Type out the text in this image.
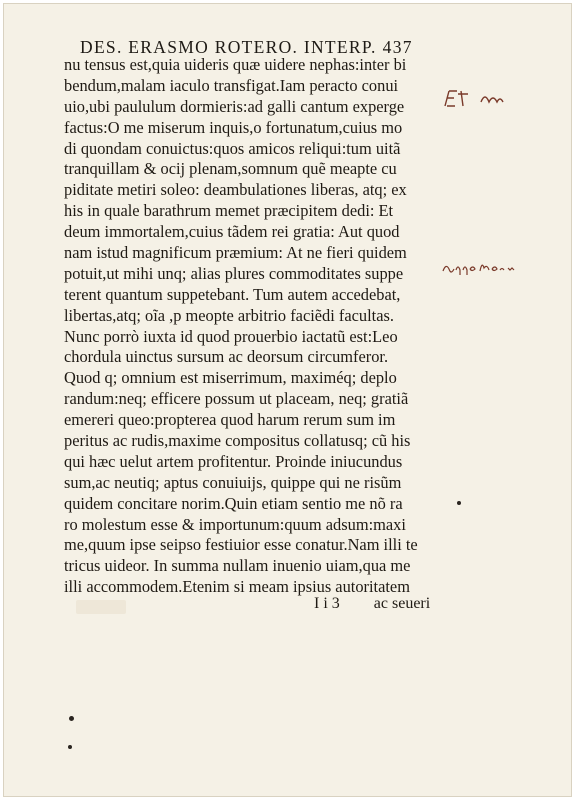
DES. ERASMO ROTERO. INTERP. 437
nu tensus est,quia uideris quæ uidere nephas:inter bi
bendum,malam iaculo transfigat.Iam peracto conui
uio,ubi paululum dormieris:ad galli cantum experge
factus:O me miserum inquis,o fortunatum,cuius mo
di quondam conuictus:quos amicos reliqui:tum uitã
tranquillam & ocij plenam,somnum quẽ meapte cu
piditate metiri soleo: deambulationes liberas, atq; ex
his in quale barathrum memet præcipitem dedi: Et
deum immortalem,cuius tãdem rei gratia: Aut quod
nam istud magnificum præmium: At ne fieri quidem
potuit,ut mihi unq; alias plures commoditates suppe
terent quantum suppetebant. Tum autem accedebat,
libertas,atq; oĩa ,p meopte arbitrio faciẽdi facultas.
Nunc porrò iuxta id quod prouerbio iactatũ est:Leo
chordula uinctus sursum ac deorsum circumferor.
Quod q; omnium est miserrimum, maximéq; deplo
randum:neq; efficere possum ut placeam, neq; gratiã
emereri queo:propterea quod harum rerum sum im
peritus ac rudis,maxime compositus collatusq; cũ his
qui hæc uelut artem profitentur. Proinde iniucundus
sum,ac neutiq; aptus conuiuijs, quippe qui ne risũm
quidem concitare norim.Quin etiam sentio me nõ ra
ro molestum esse & importunum:quum adsum:maxi
me,quum ipse seipso festiuior esse conatur.Nam illi te
tricus uideor. In summa nullam inuenio uiam,qua me
illi accommodem.Etenim si meam ipsius autoritatem
I i 3 ac seueri
